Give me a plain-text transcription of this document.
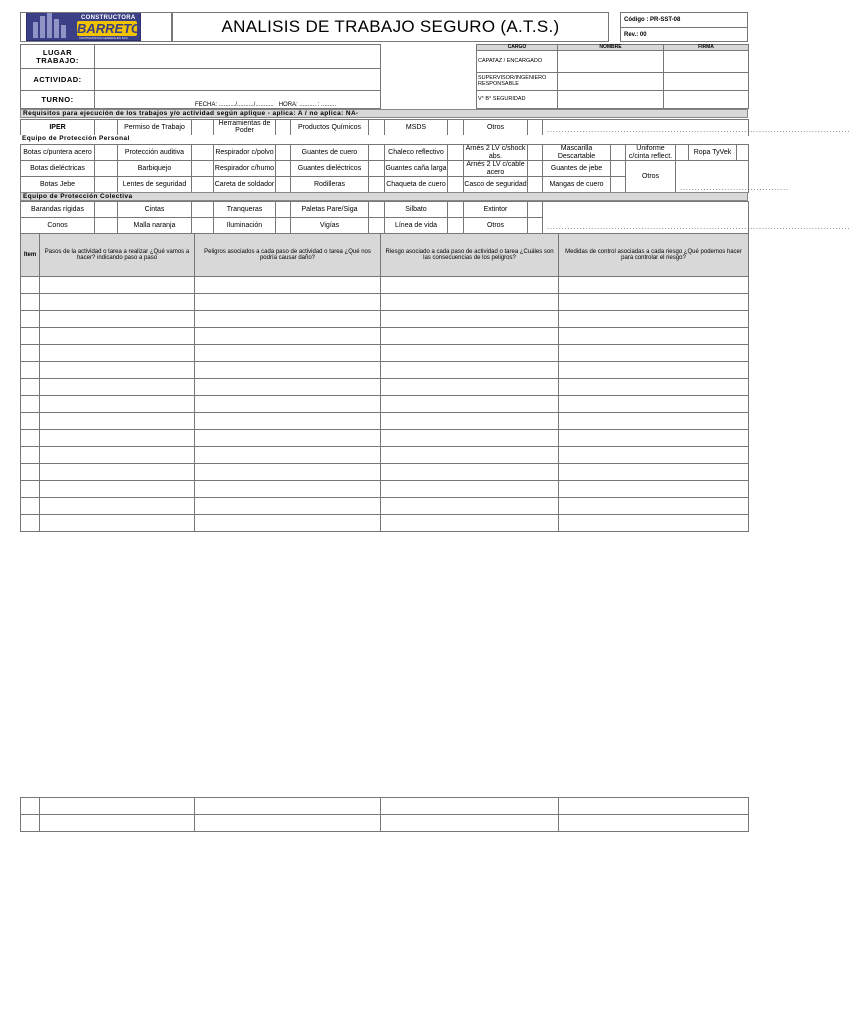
CONSTRUCTORA
BARRETO
CONTRATISTAS GENERALES SAC
ANALISIS DE TRABAJO SEGURO (A.T.S.)	Código : PR-SST-08
Rev.: 00
LUGAR TRABAJO:	
ACTIVIDAD:	
TURNO:	FECHA: ........../........../........... HORA: .......... : .........
CARGO	NOMBRE	FIRMA
CAPATAZ / ENCARGADO		
SUPERVISOR/INGENIERO RESPONSABLE		
V° B° SEGURIDAD		
Requisitos para ejecución de los trabajos y/o actividad según aplique - aplica: A / no aplica: NA-
IPER		Permiso de Trabajo		Herramientas de Poder		Productos Químicos		MSDS		Otros		.......................................................................................................
Equipo de Protección Personal
Botas c/puntera acero		Protección auditiva		Respirador c/polvo		Guantes de cuero		Chaleco reflectivo		Arnés 2 LV c/shock abs.		Mascarilla Descartable		Uniforme c/cinta reflect.		Ropa TyVek	
Botas dieléctricas		Barbiquejo		Respirador c/humo		Guantes dieléctricos		Guantes caña larga		Arnés 2 LV c/cable acero		Guantes de jebe		Otros	.....................................
Botas Jebe		Lentes de seguridad		Careta de soldador		Rodilleras		Chaqueta de cuero		Casco de seguridad		Mangas de cuero			
Equipo de Protección Colectiva
Barandas rígidas		Cintas		Tranqueras		Paletas Pare/Siga		Silbato		Extintor		.......................................................................................................
Conos		Malla naranja		Iluminación		Vigías		Línea de vida		Otros		
Item	Pasos de la actividad o tarea a realizar ¿Qué vamos a hacer? indicando paso a paso	Peligros asociados a cada paso de actividad o tarea ¿Qué nos podría causar daño?	Riesgo asociado a cada paso de actividad o tarea ¿Cuáles son las consecuencias de los peligros?	Medidas de control asociadas a cada riesgo ¿Qué podemos hacer para controlar el riesgo?
